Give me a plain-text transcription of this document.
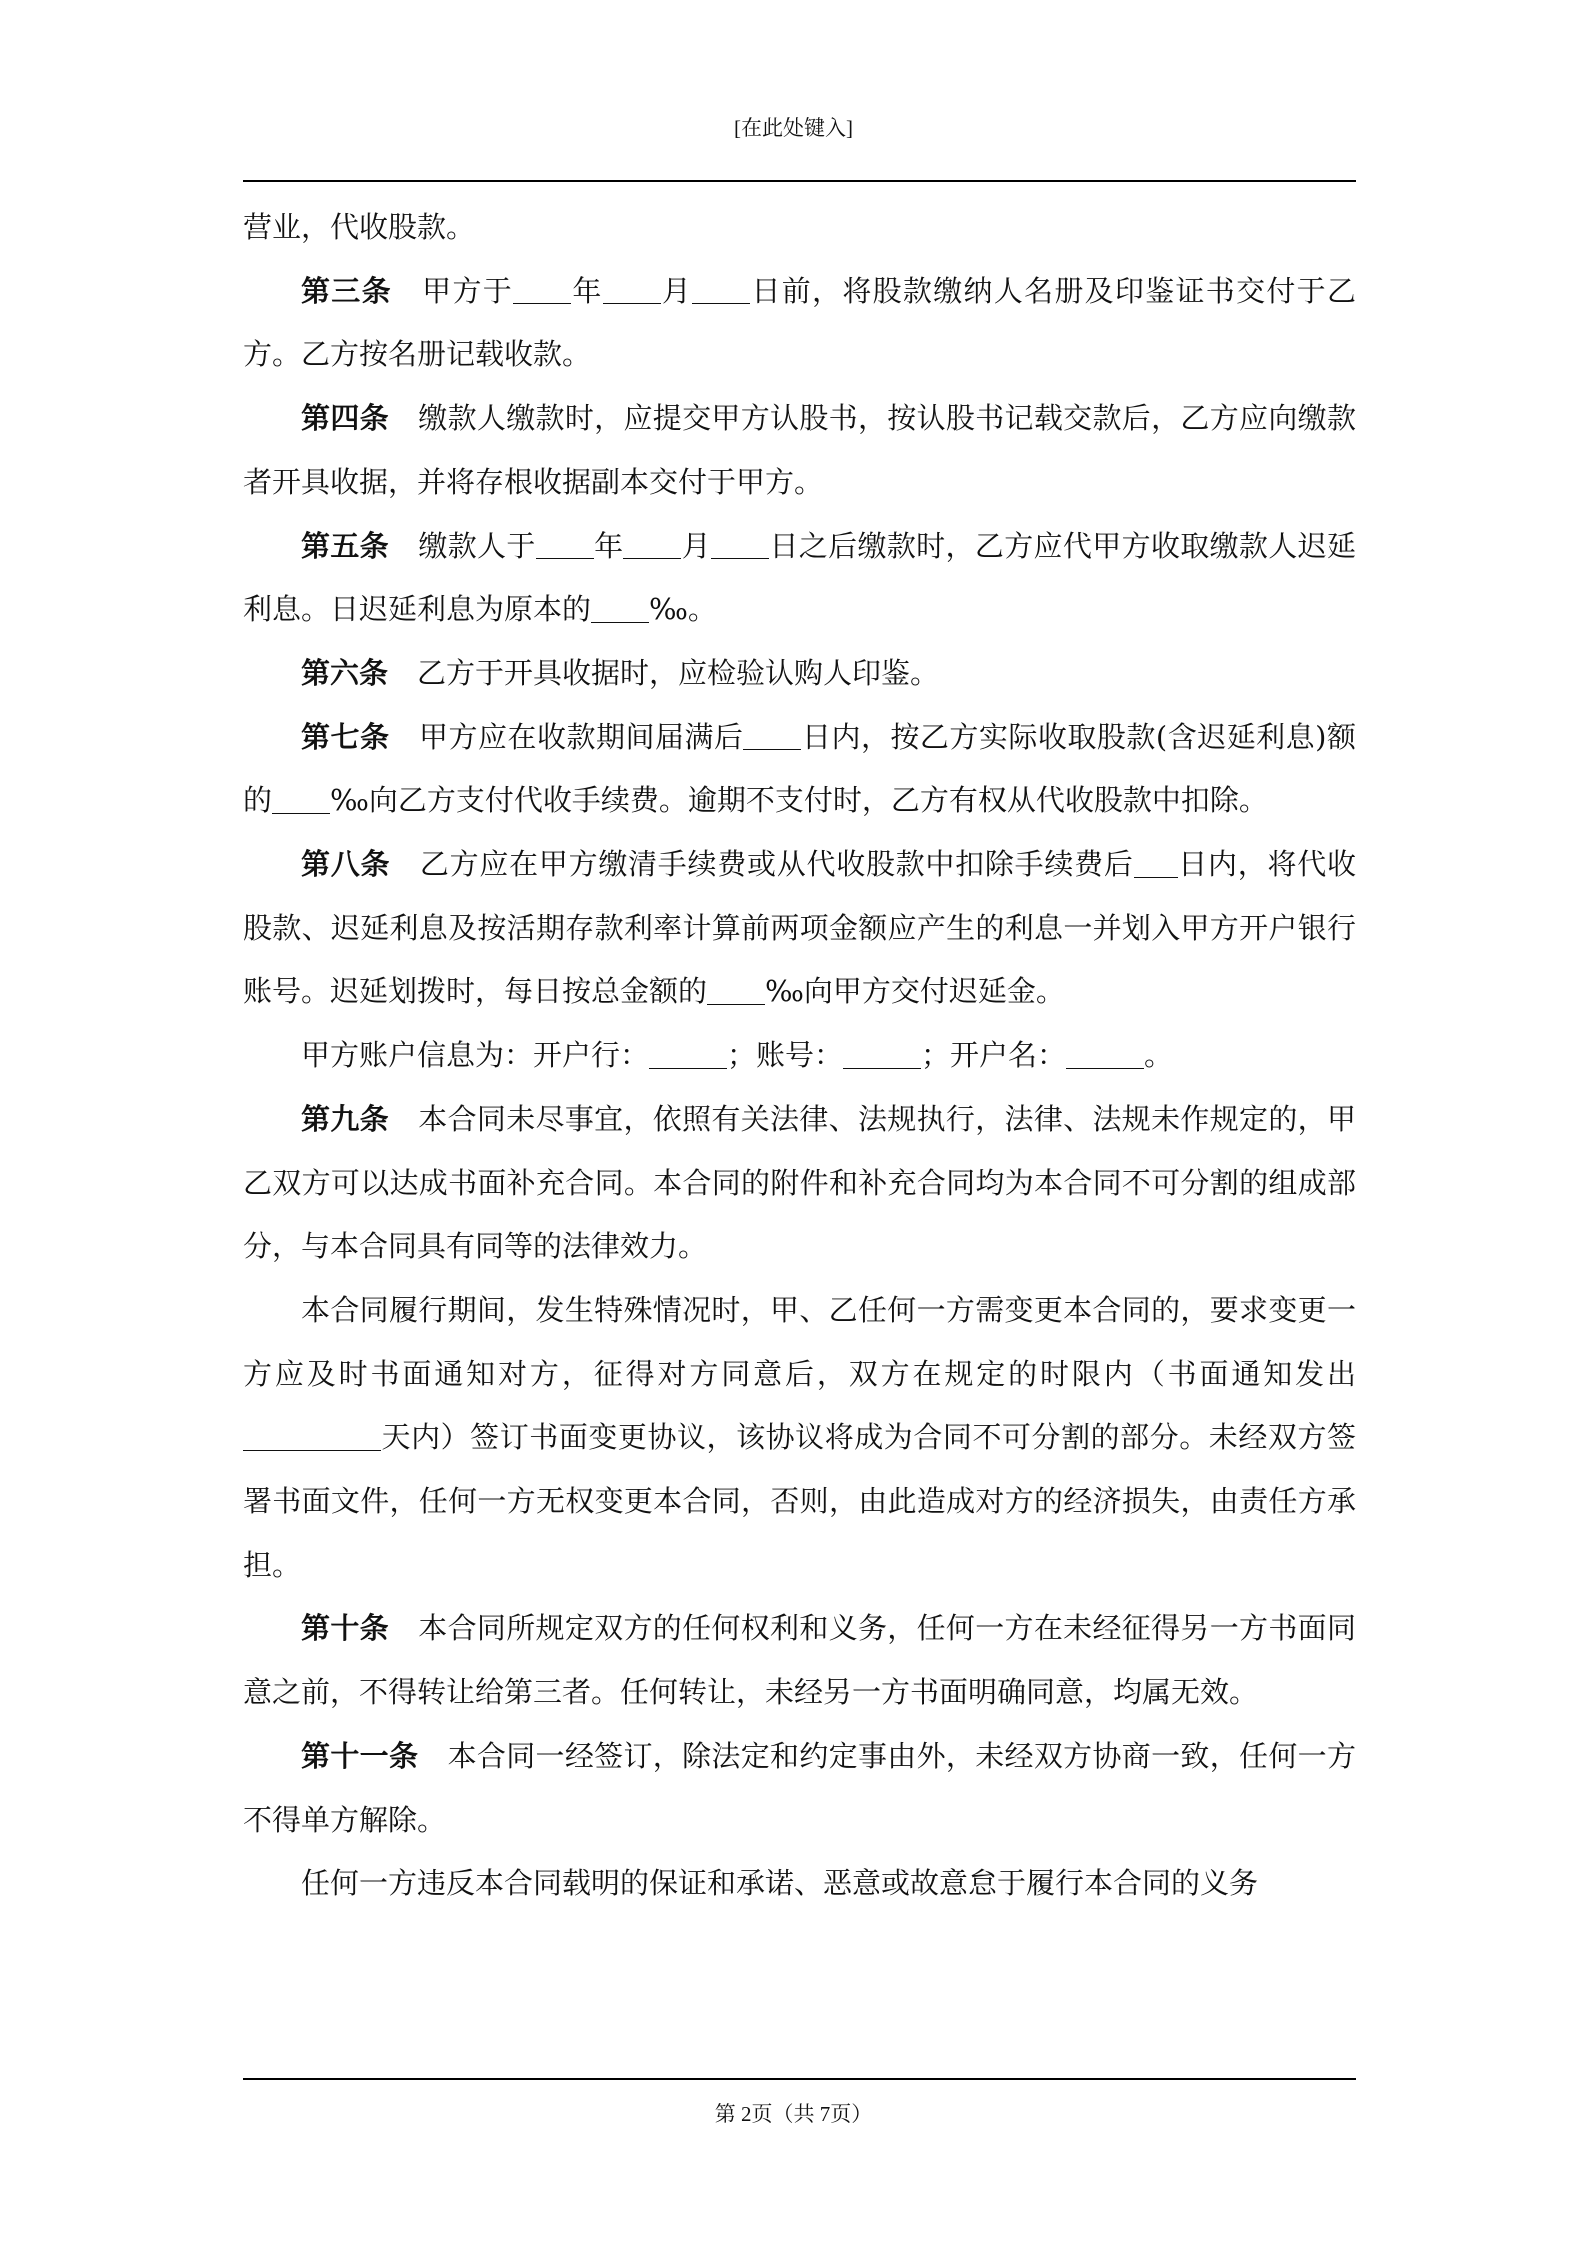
[在此处键入]

营业，代收股款。

第三条   甲方于 年 月 日前，将股款缴纳人名册及印鉴证书交付于乙方。乙方按名册记载收款。

第四条   缴款人缴款时，应提交甲方认股书，按认股书记载交款后，乙方应向缴款者开具收据，并将存根收据副本交付于甲方。

第五条   缴款人于 年 月 日之后缴款时，乙方应代甲方收取缴款人迟延利息。日迟延利息为原本的 ‰。

第六条   乙方于开具收据时，应检验认购人印鉴。

第七条   甲方应在收款期间届满后 日内，按乙方实际收取股款(含迟延利息)额的 ‰向乙方支付代收手续费。逾期不支付时，乙方有权从代收股款中扣除。

第八条   乙方应在甲方缴清手续费或从代收股款中扣除手续费后 日内，将代收股款、迟延利息及按活期存款利率计算前两项金额应产生的利息一并划入甲方开户银行账号。迟延划拨时，每日按总金额的 ‰向甲方交付迟延金。

甲方账户信息为：开户行：	；账号：	；开户名：	。

第九条   本合同未尽事宜，依照有关法律、法规执行，法律、法规未作规定的，甲乙双方可以达成书面补充合同。本合同的附件和补充合同均为本合同不可分割的组成部分，与本合同具有同等的法律效力。

本合同履行期间，发生特殊情况时，甲、乙任何一方需变更本合同的，要求变更一方应及时书面通知对方，征得对方同意后，双方在规定的时限内（书面通知发出天内）签订书面变更协议，该协议将成为合同不可分割的部分。未经双方签署书面文件，任何一方无权变更本合同，否则，由此造成对方的经济损失，由责任方承担。

第十条   本合同所规定双方的任何权利和义务，任何一方在未经征得另一方书面同意之前，不得转让给第三者。任何转让，未经另一方书面明确同意，均属无效。

第十一条   本合同一经签订，除法定和约定事由外，未经双方协商一致，任何一方不得单方解除。

任何一方违反本合同载明的保证和承诺、恶意或故意怠于履行本合同的义务

第 2页（共 7页）
